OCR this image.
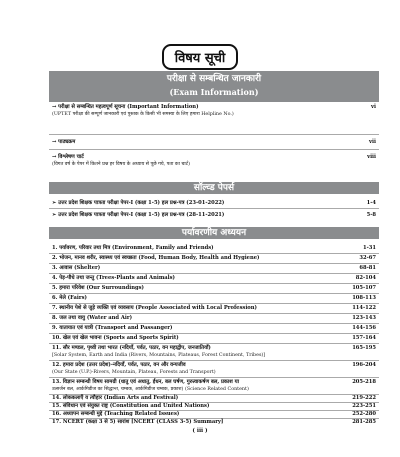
विषय सूची
परीक्षा से सम्बन्धित जानकारी
(Exam Information)
→ परीक्षा से सम्बन्धित महत्वपूर्ण सूचना (Important Information)
(UPTET परीक्षा की सम्पूर्ण जानकारी एवं पुस्तक के किसी भी समस्या के लिए हमारा Helpline No.)
vi
→ पाठ्यक्रम	vii
→ विश्लेषण चार्ट
(विगत वर्ष के पेपर में कितने प्रश्न हर विषय के अध्याय से पूछे गये, पता का चार्ट)
viii
सॉल्व्ड पेपर्स
➢ उत्तर प्रदेश शिक्षक पात्रता परीक्षा पेपर-I (कक्षा 1-5) हल प्रश्न-पत्र (23-01-2022)	1-4
➢ उत्तर प्रदेश शिक्षक पात्रता परीक्षा पेपर-I (कक्षा 1-5) हल प्रश्न-पत्र (28-11-2021)	5-8
पर्यावरणीय अध्ययन
1. पर्यावरण, परिवार तथा मित्र (Environment, Family and Friends)	1-31
2. भोजन, मानव शरीर, स्वास्थ्य एवं स्वच्छता (Food, Human Body, Health and Hygiene)	32-67
3. आवास (Shelter)	68-81
4. पेड़-पौधे तथा जन्तु (Trees-Plants and Animals)	82-104
5. हमारा परिवेश (Our Surroundings)	105-107
6. मेले (Fairs)	108-113
7. स्थानीय पेशे से जुड़े व्यक्ति एवं व्यवसाय (People Associated with Local Profession)	114-122
8. जल तथा वायु (Water and Air)	123-143
9. यातायात एवं यात्री (Transport and Passanger)	144-156
10. खेल एवं खेल भावना (Sports and Sports Spirit)	157-164
11. सौर मण्डल, पृथ्वी तथा भारत (नदियाँ, पर्वत, पठार, वन महाद्वीप, जनजातियाँ)
[Solar System, Earth and India (Rivers, Mountains, Plateaus, Forest Continent, Tribes)]
165-195
12. हमारा प्रदेश (उत्तर प्रदेश)-नदियाँ, पर्वत, पठार, वन और वन्यजीव
(Our State (U.P.)-Rivers, Mountain, Plateau, Forests and Transport)
196-204
13. विज्ञान सम्बन्धी विषय सामग्री (धातु एवं अधातु, ईंधन, बल घर्षण, गुरुत्वाकर्षण बल, प्रकाश या
उत्सर्जन बल, आर्कमिडीज का सिद्धान्त, चम्बक, आर्कमिडीज चम्बक, प्रकाश) (Science Related Content)
205-218
14. लोककलाएँ व त्यौहार (Indian Arts and Festival)	219-222
15. संविधान एवं संयुक्त राष्ट्र (Constitution and United Nations)	223-251
16. अध्यापन सम्बन्धी मुद्दे (Teaching Related Issues)	252-280
17. NCERT (कक्षा 3 से 5) सारांश [NCERT (CLASS 3-5) Summary]	281-285
( iii )
